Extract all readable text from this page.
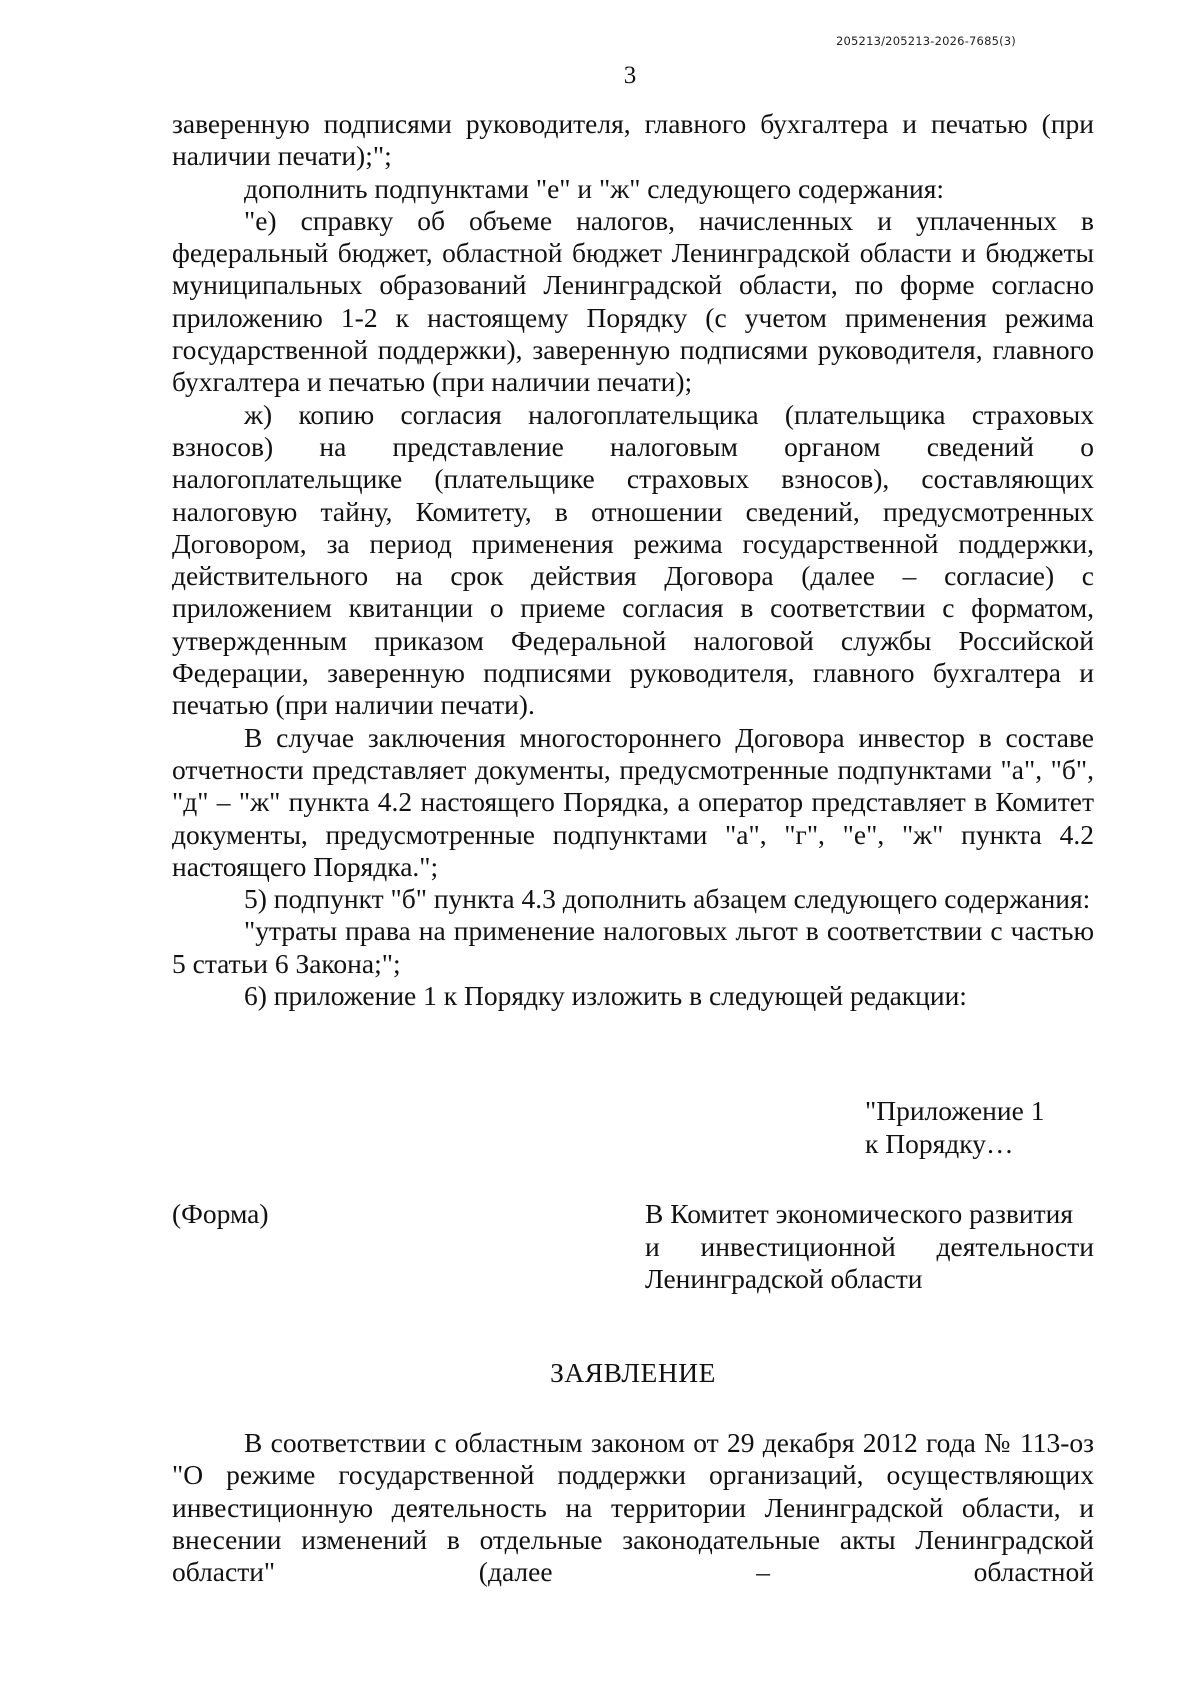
205213/205213-2026-7685(3)
3

заверенную подписями руководителя, главного бухгалтера и печатью (при наличии печати);";

дополнить подпунктами "е" и "ж" следующего содержания:

"е) справку об объеме налогов, начисленных и уплаченных в федеральный бюджет, областной бюджет Ленинградской области и бюджеты муниципальных образований Ленинградской области, по форме согласно приложению 1-2 к настоящему Порядку (с учетом применения режима государственной поддержки), заверенную подписями руководителя, главного бухгалтера и печатью (при наличии печати);

ж) копию согласия налогоплательщика (плательщика страховых взносов) на представление налоговым органом сведений о налогоплательщике (плательщике страховых взносов), составляющих налоговую тайну, Комитету, в отношении сведений, предусмотренных Договором, за период применения режима государственной поддержки, действительного на срок действия Договора (далее – согласие) с приложением квитанции о приеме согласия в соответствии с форматом, утвержденным приказом Федеральной налоговой службы Российской Федерации, заверенную подписями руководителя, главного бухгалтера и печатью (при наличии печати).

В случае заключения многостороннего Договора инвестор в составе отчетности представляет документы, предусмотренные подпунктами "а", "б", "д" – "ж" пункта 4.2 настоящего Порядка, а оператор представляет в Комитет документы, предусмотренные подпунктами "а", "г", "е", "ж" пункта 4.2 настоящего Порядка.";

5) подпункт "б" пункта 4.3 дополнить абзацем следующего содержания:

"утраты права на применение налоговых льгот в соответствии с частью 5 статьи 6 Закона;";

6) приложение 1 к Порядку изложить в следующей редакции:

"Приложение 1
к Порядку…
(Форма)	В Комитет экономического развития

и инвестиционной деятельности

Ленинградской области

ЗАЯВЛЕНИЕ

В соответствии с областным законом от 29 декабря 2012 года № 113-оз "О режиме государственной поддержки организаций, осуществляющих инвестиционную деятельность на территории Ленинградской области, и внесении изменений в отдельные законодательные акты Ленинградской области" (далее – областной
